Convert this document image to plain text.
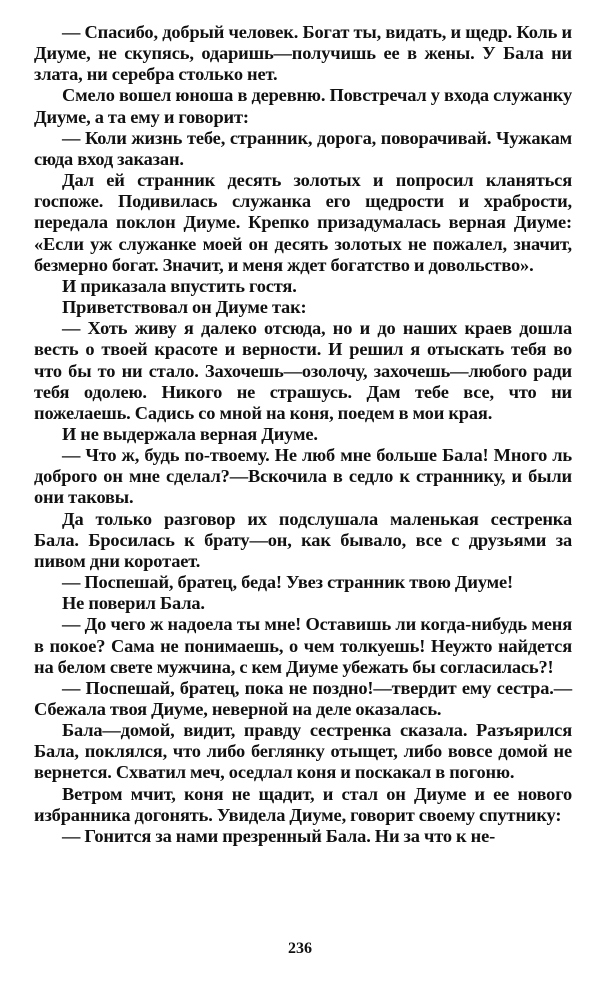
— Спасибо, добрый человек. Богат ты, видать, и щедр. Коль и Диуме, не скупясь, одаришь—получишь ее в жены. У Бала ни злата, ни серебра столько нет.

Смело вошел юноша в деревню. Повстречал у входа служанку Диуме, а та ему и говорит:

— Коли жизнь тебе, странник, дорога, поворачивай. Чужакам сюда вход заказан.

Дал ей странник десять золотых и попросил кланяться госпоже. Подивилась служанка его щедрости и храбрости, передала поклон Диуме. Крепко призадумалась верная Диуме: «Если уж служанке моей он десять золотых не пожалел, значит, безмерно богат. Значит, и меня ждет богатство и довольство».

И приказала впустить гостя.

Приветствовал он Диуме так:

— Хоть живу я далеко отсюда, но и до наших краев дошла весть о твоей красоте и верности. И решил я отыскать тебя во что бы то ни стало. Захочешь—озолочу, захочешь—любого ради тебя одолею. Никого не страшусь. Дам тебе все, что ни пожелаешь. Садись со мной на коня, поедем в мои края.

И не выдержала верная Диуме.

— Что ж, будь по-твоему. Не люб мне больше Бала! Много ль доброго он мне сделал?—Вскочила в седло к страннику, и были они таковы.

Да только разговор их подслушала маленькая сестренка Бала. Бросилась к брату—он, как бывало, все с друзьями за пивом дни коротает.

— Поспешай, братец, беда! Увез странник твою Диуме!

Не поверил Бала.

— До чего ж надоела ты мне! Оставишь ли когда-нибудь меня в покое? Сама не понимаешь, о чем толкуешь! Неужто найдется на белом свете мужчина, с кем Диуме убежать бы согласилась?!

— Поспешай, братец, пока не поздно!—твердит ему сестра.—Сбежала твоя Диуме, неверной на деле оказалась.

Бала—домой, видит, правду сестренка сказала. Разъярился Бала, поклялся, что либо беглянку отыщет, либо вовсе домой не вернется. Схватил меч, оседлал коня и поскакал в погоню.

Ветром мчит, коня не щадит, и стал он Диуме и ее нового избранника догонять. Увидела Диуме, говорит своему спутнику:

— Гонится за нами презренный Бала. Ни за что к не-

236
